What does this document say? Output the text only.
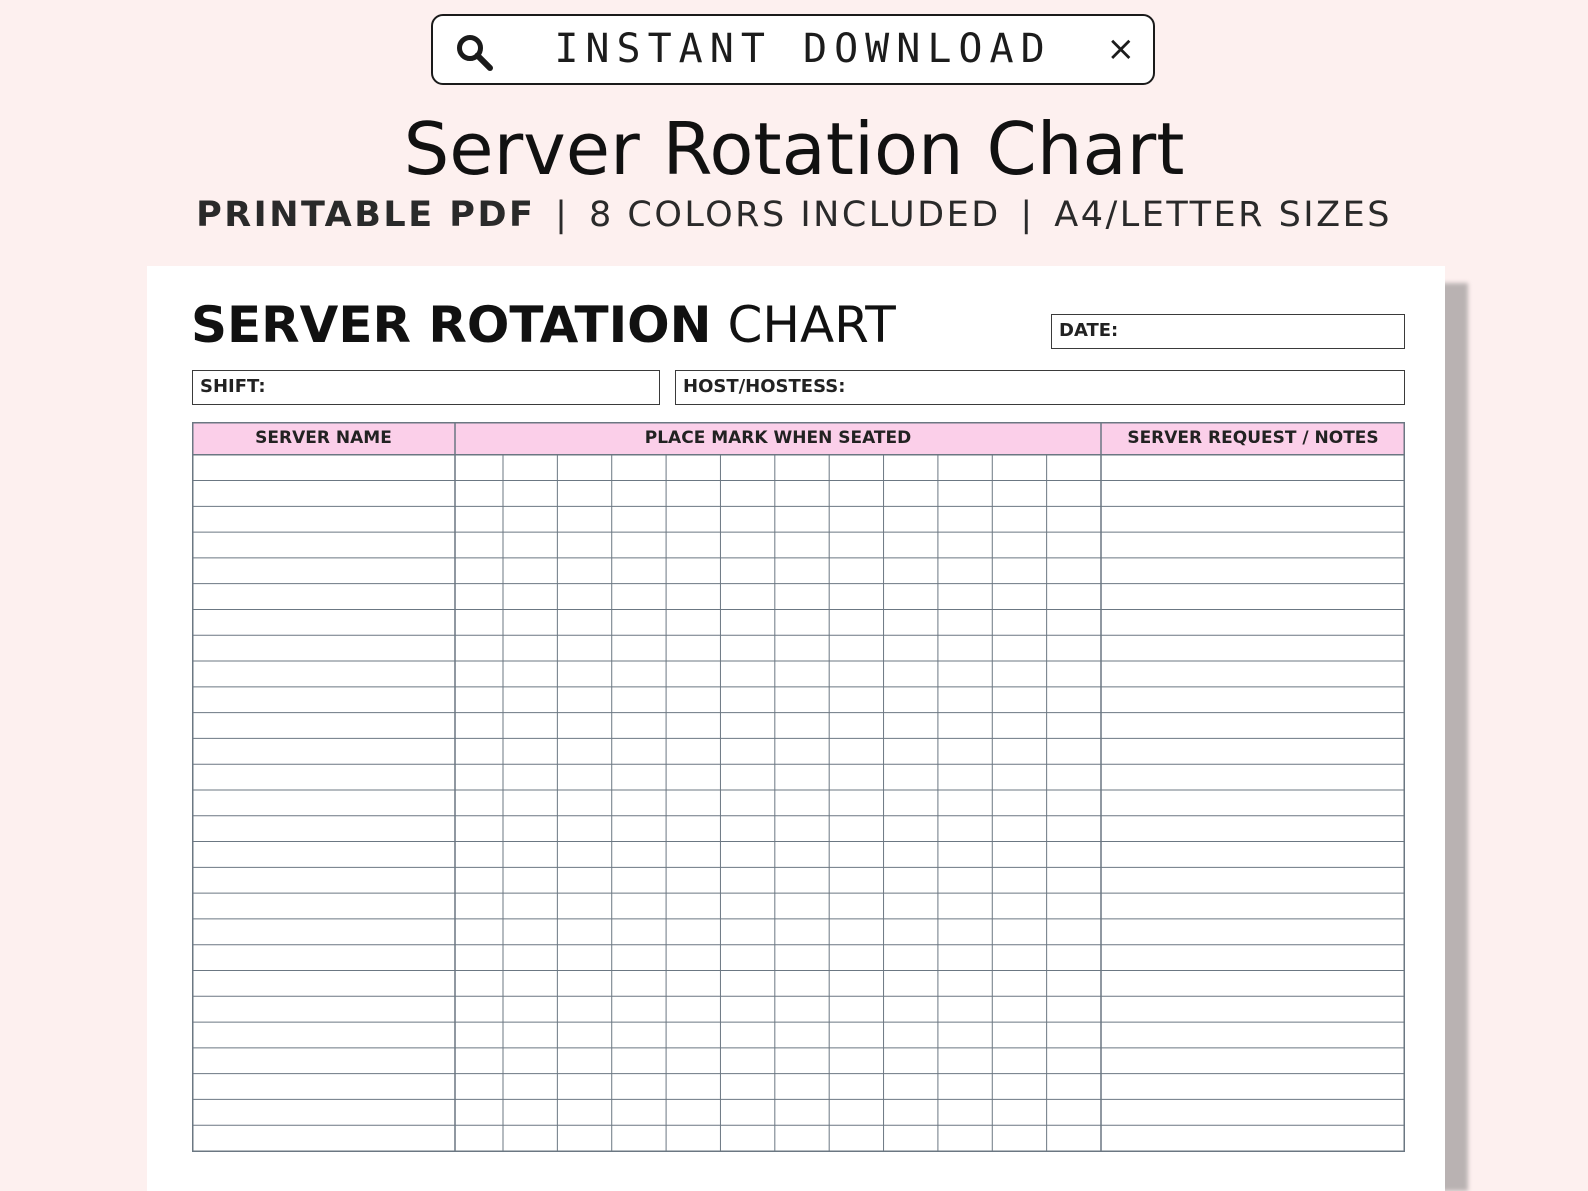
INSTANT DOWNLOAD	×
Server Rotation Chart
PRINTABLE PDF | 8 COLORS INCLUDED | A4/LETTER SIZES
SERVER ROTATION CHART	DATE:
SHIFT:	HOST/HOSTESS:
SERVER NAME	PLACE MARK WHEN SEATED	SERVER REQUEST / NOTES
